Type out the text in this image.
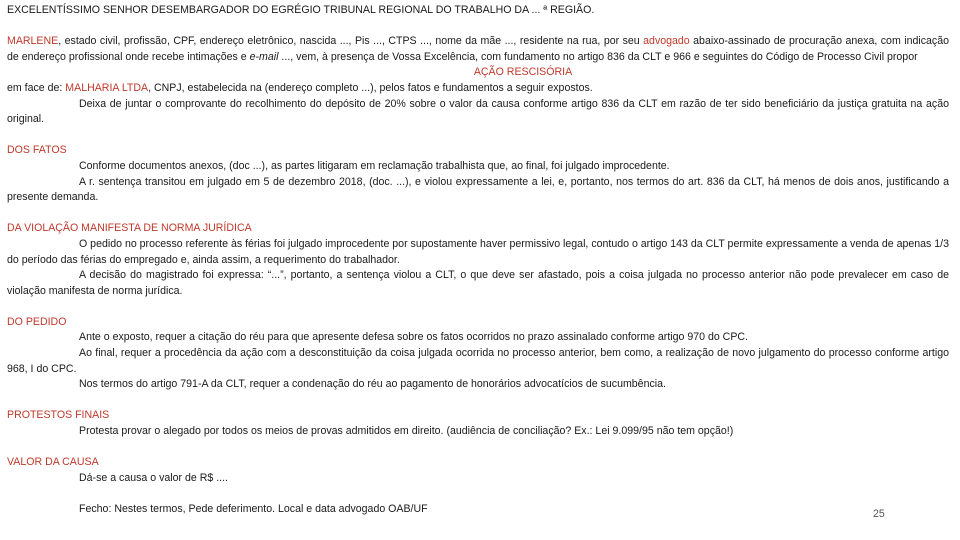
EXCELENTÍSSIMO SENHOR DESEMBARGADOR DO EGRÉGIO TRIBUNAL REGIONAL DO TRABALHO DA ... ª REGIÃO.

MARLENE, estado civil, profissão, CPF, endereço eletrônico, nascida ..., Pis ..., CTPS ..., nome da mãe ..., residente na rua, por seu advogado abaixo-assinado de procuração anexa, com indicação de endereço profissional onde recebe intimações e e-mail ..., vem, à presença de Vossa Excelência, com fundamento no artigo 836 da CLT e 966 e seguintes do Código de Processo Civil propor

AÇÃO RESCISÓRIA

em face de: MALHARIA LTDA, CNPJ, estabelecida na (endereço completo ...), pelos fatos e fundamentos a seguir expostos.

Deixa de juntar o comprovante do recolhimento do depósito de 20% sobre o valor da causa conforme artigo 836 da CLT em razão de ter sido beneficiário da justiça gratuita na ação original.

DOS FATOS

Conforme documentos anexos, (doc ...), as partes litigaram em reclamação trabalhista que, ao final, foi julgado improcedente.

A r. sentença transitou em julgado em 5 de dezembro 2018, (doc. ...), e violou expressamente a lei, e, portanto, nos termos do art. 836 da CLT, há menos de dois anos, justificando a presente demanda.

DA VIOLAÇÃO MANIFESTA DE NORMA JURÍDICA

O pedido no processo referente às férias foi julgado improcedente por supostamente haver permissivo legal, contudo o artigo 143 da CLT permite expressamente a venda de apenas 1/3 do período das férias do empregado e, ainda assim, a requerimento do trabalhador.

A decisão do magistrado foi expressa: “...”, portanto, a sentença violou a CLT, o que deve ser afastado, pois a coisa julgada no processo anterior não pode prevalecer em caso de violação manifesta de norma jurídica.

DO PEDIDO

Ante o exposto, requer a citação do réu para que apresente defesa sobre os fatos ocorridos no prazo assinalado conforme artigo 970 do CPC.

Ao final, requer a procedência da ação com a desconstituição da coisa julgada ocorrida no processo anterior, bem como, a realização de novo julgamento do processo conforme artigo 968, I do CPC.

Nos termos do artigo 791-A da CLT, requer a condenação do réu ao pagamento de honorários advocatícios de sucumbência.

PROTESTOS FINAIS

Protesta provar o alegado por todos os meios de provas admitidos em direito. (audiência de conciliação? Ex.: Lei 9.099/95 não tem opção!)

VALOR DA CAUSA

Dá-se a causa o valor de R$ ....

Fecho: Nestes termos, Pede deferimento. Local e data advogado OAB/UF	25
